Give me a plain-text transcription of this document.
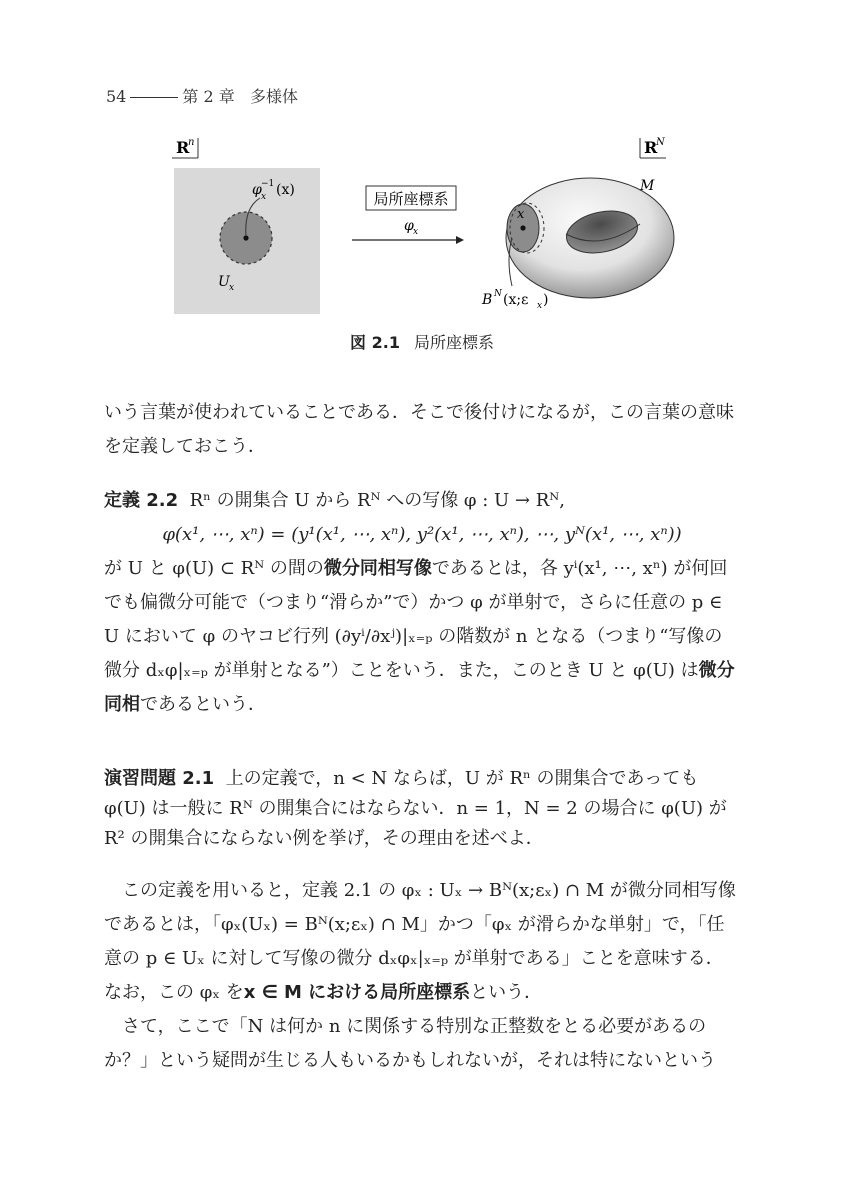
54	第 2 章 多様体
R
n
φ x
−1 (x)
U x
局所座標系
φ x
R
N
M
x
B N (x;ε x )
図 2.1 局所座標系

いう言葉が使われていることである．そこで後付けになるが，この言葉の意味を定義しておこう．

定義 2.2 Rⁿ の開集合 U から Rᴺ への写像 φ : U → Rᴺ,

φ(x¹, ⋯, xⁿ) = (y¹(x¹, ⋯, xⁿ), y²(x¹, ⋯, xⁿ), ⋯, yᴺ(x¹, ⋯, xⁿ))

が U と φ(U) ⊂ Rᴺ の間の微分同相写像であるとは，各 yⁱ(x¹, ⋯, xⁿ) が何回でも偏微分可能で（つまり“滑らか”で）かつ φ が単射で，さらに任意の p ∈ U において φ のヤコビ行列 (∂yⁱ/∂xʲ)|ₓ₌ₚ の階数が n となる（つまり“写像の微分 dₓφ|ₓ₌ₚ が単射となる”）ことをいう．また，このとき U と φ(U) は微分同相であるという．

演習問題 2.1 上の定義で，n < N ならば，U が Rⁿ の開集合であっても φ(U) は一般に Rᴺ の開集合にはならない．n = 1，N = 2 の場合に φ(U) が R² の開集合にならない例を挙げ，その理由を述べよ．

この定義を用いると，定義 2.1 の φₓ : Uₓ → Bᴺ(x;εₓ) ∩ M が微分同相写像であるとは，「φₓ(Uₓ) = Bᴺ(x;εₓ) ∩ M」かつ「φₓ が滑らかな単射」で，「任意の p ∈ Uₓ に対して写像の微分 dₓφₓ|ₓ₌ₚ が単射である」ことを意味する．なお，この φₓ をx ∈ M における局所座標系という．

さて，ここで「N は何か n に関係する特別な正整数をとる必要があるのか？」という疑問が生じる人もいるかもしれないが，それは特にないという
